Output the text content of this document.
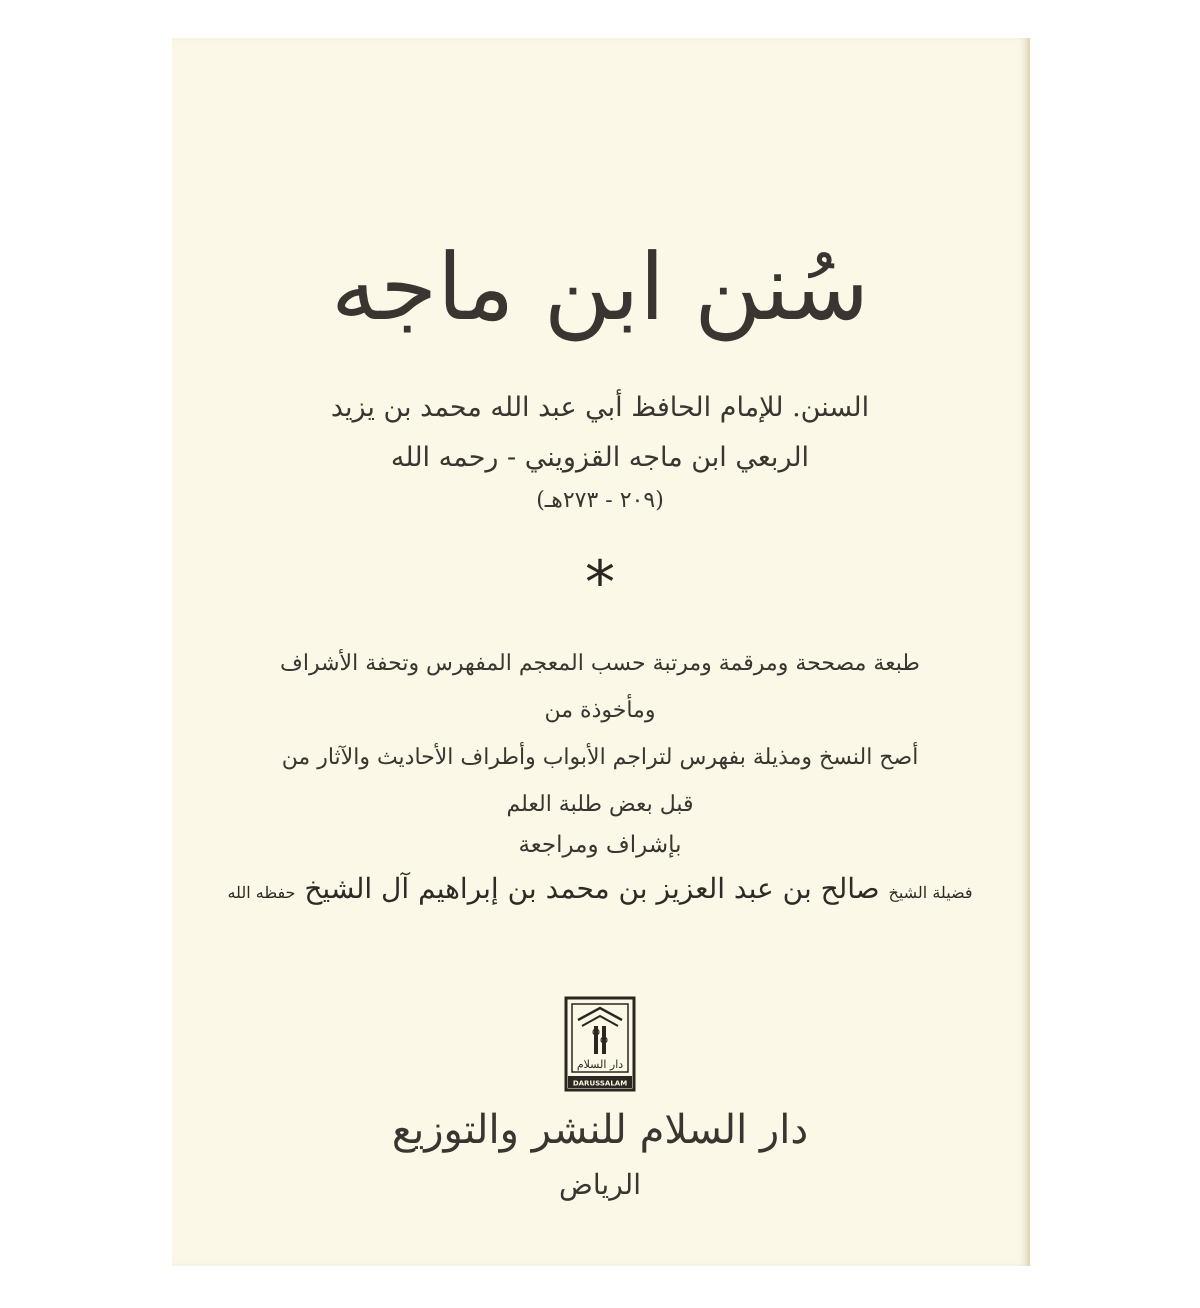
سُنن ابن ماجه
السنن. للإمام الحافظ أبي عبد الله محمد بن يزيد
الربعي ابن ماجه القزويني - رحمه الله
(٢٠٩ - ٢٧٣هـ)
*
طبعة مصححة ومرقمة ومرتبة حسب المعجم المفهرس وتحفة الأشراف ومأخوذة من
أصح النسخ ومذيلة بفهرس لتراجم الأبواب وأطراف الأحاديث والآثار من
قبل بعض طلبة العلم
بإشراف ومراجعة
فضيلة الشيخ صالح بن عبد العزيز بن محمد بن إبراهيم آل الشيخ حفظه الله
دار السلام
DARUSSALAM
دار السلام للنشر والتوزيع
الرياض
